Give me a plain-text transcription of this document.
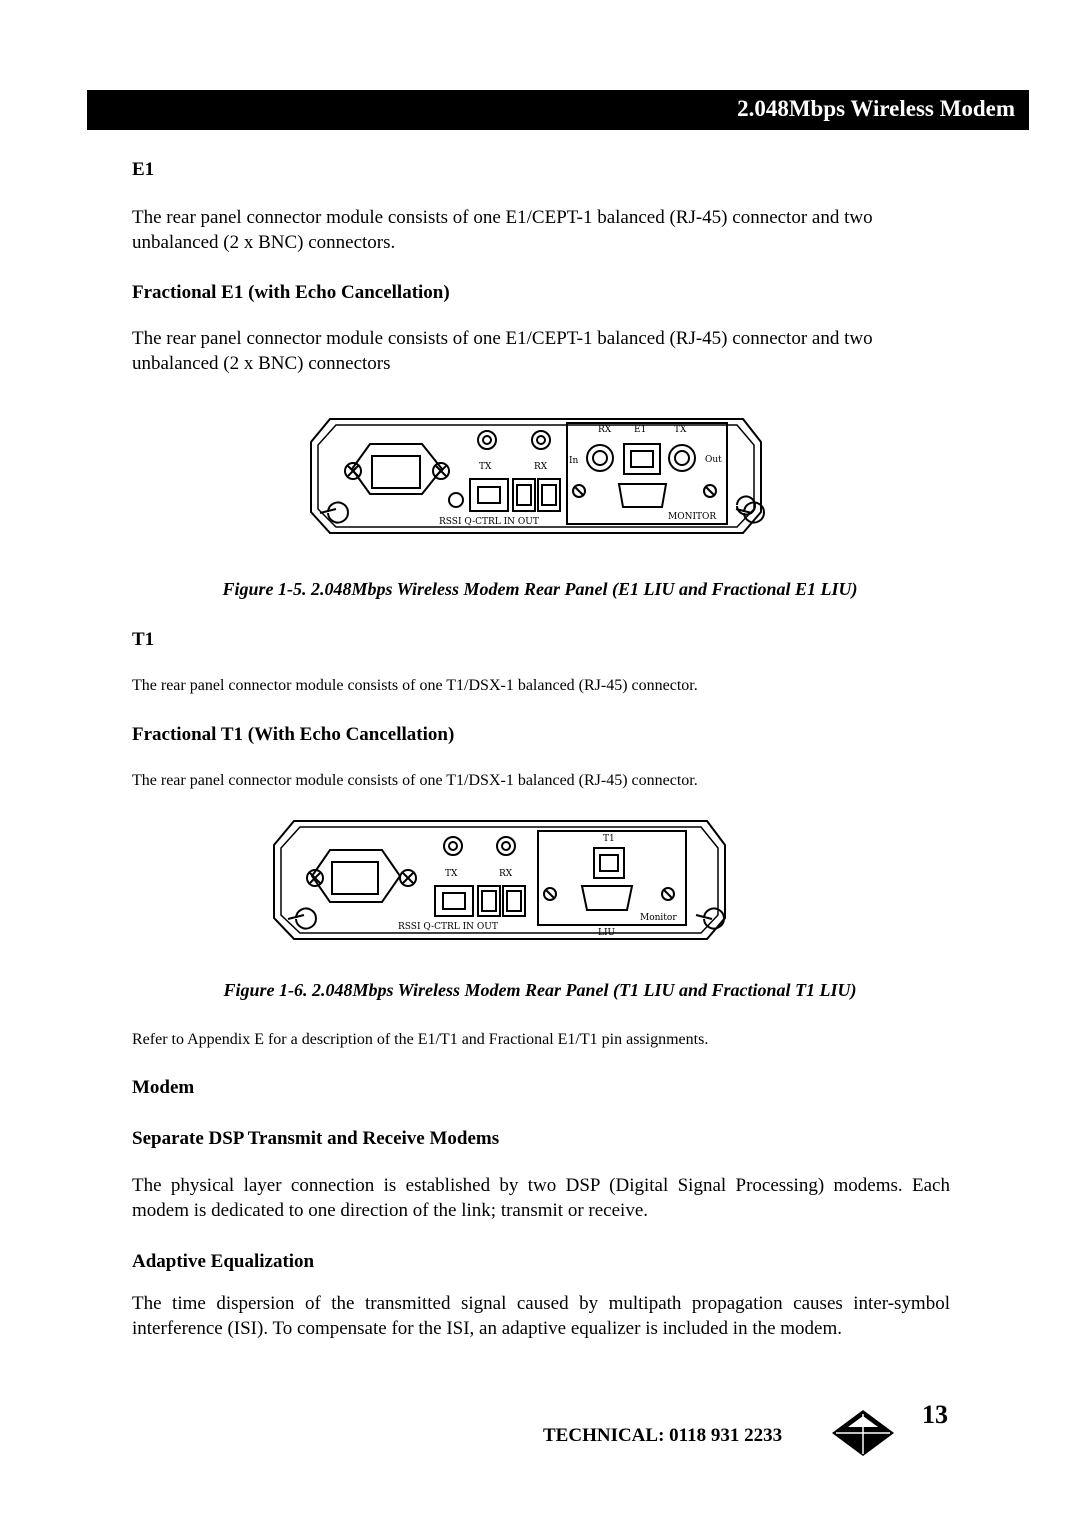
2.048Mbps Wireless Modem
E1
The rear panel connector module consists of one E1/CEPT-1 balanced (RJ-45) connector and two unbalanced (2 x BNC) connectors.
Fractional E1 (with Echo Cancellation)
The rear panel connector module consists of one E1/CEPT-1 balanced (RJ-45) connector and two unbalanced (2 x BNC) connectors
TX	RX
RX	E1	TX
In	Out
RSSI Q-CTRL IN OUT	MONITOR
Figure 1-5. 2.048Mbps Wireless Modem Rear Panel (E1 LIU and Fractional E1 LIU)
T1
The rear panel connector module consists of one T1/DSX-1 balanced (RJ-45) connector.
Fractional T1 (With Echo Cancellation)
The rear panel connector module consists of one T1/DSX-1 balanced (RJ-45) connector.
TX	RX
T1
RSSI Q-CTRL IN OUT
Monitor
LIU
Figure 1-6. 2.048Mbps Wireless Modem Rear Panel (T1 LIU and Fractional T1 LIU)
Refer to Appendix E for a description of the E1/T1 and Fractional E1/T1 pin assignments.
Modem
Separate DSP Transmit and Receive Modems
The physical layer connection is established by two DSP (Digital Signal Processing) modems. Each modem is dedicated to one direction of the link; transmit or receive.
Adaptive Equalization
The time dispersion of the transmitted signal caused by multipath propagation causes inter-symbol interference (ISI). To compensate for the ISI, an adaptive equalizer is included in the modem.
TECHNICAL: 0118 931 2233
13
